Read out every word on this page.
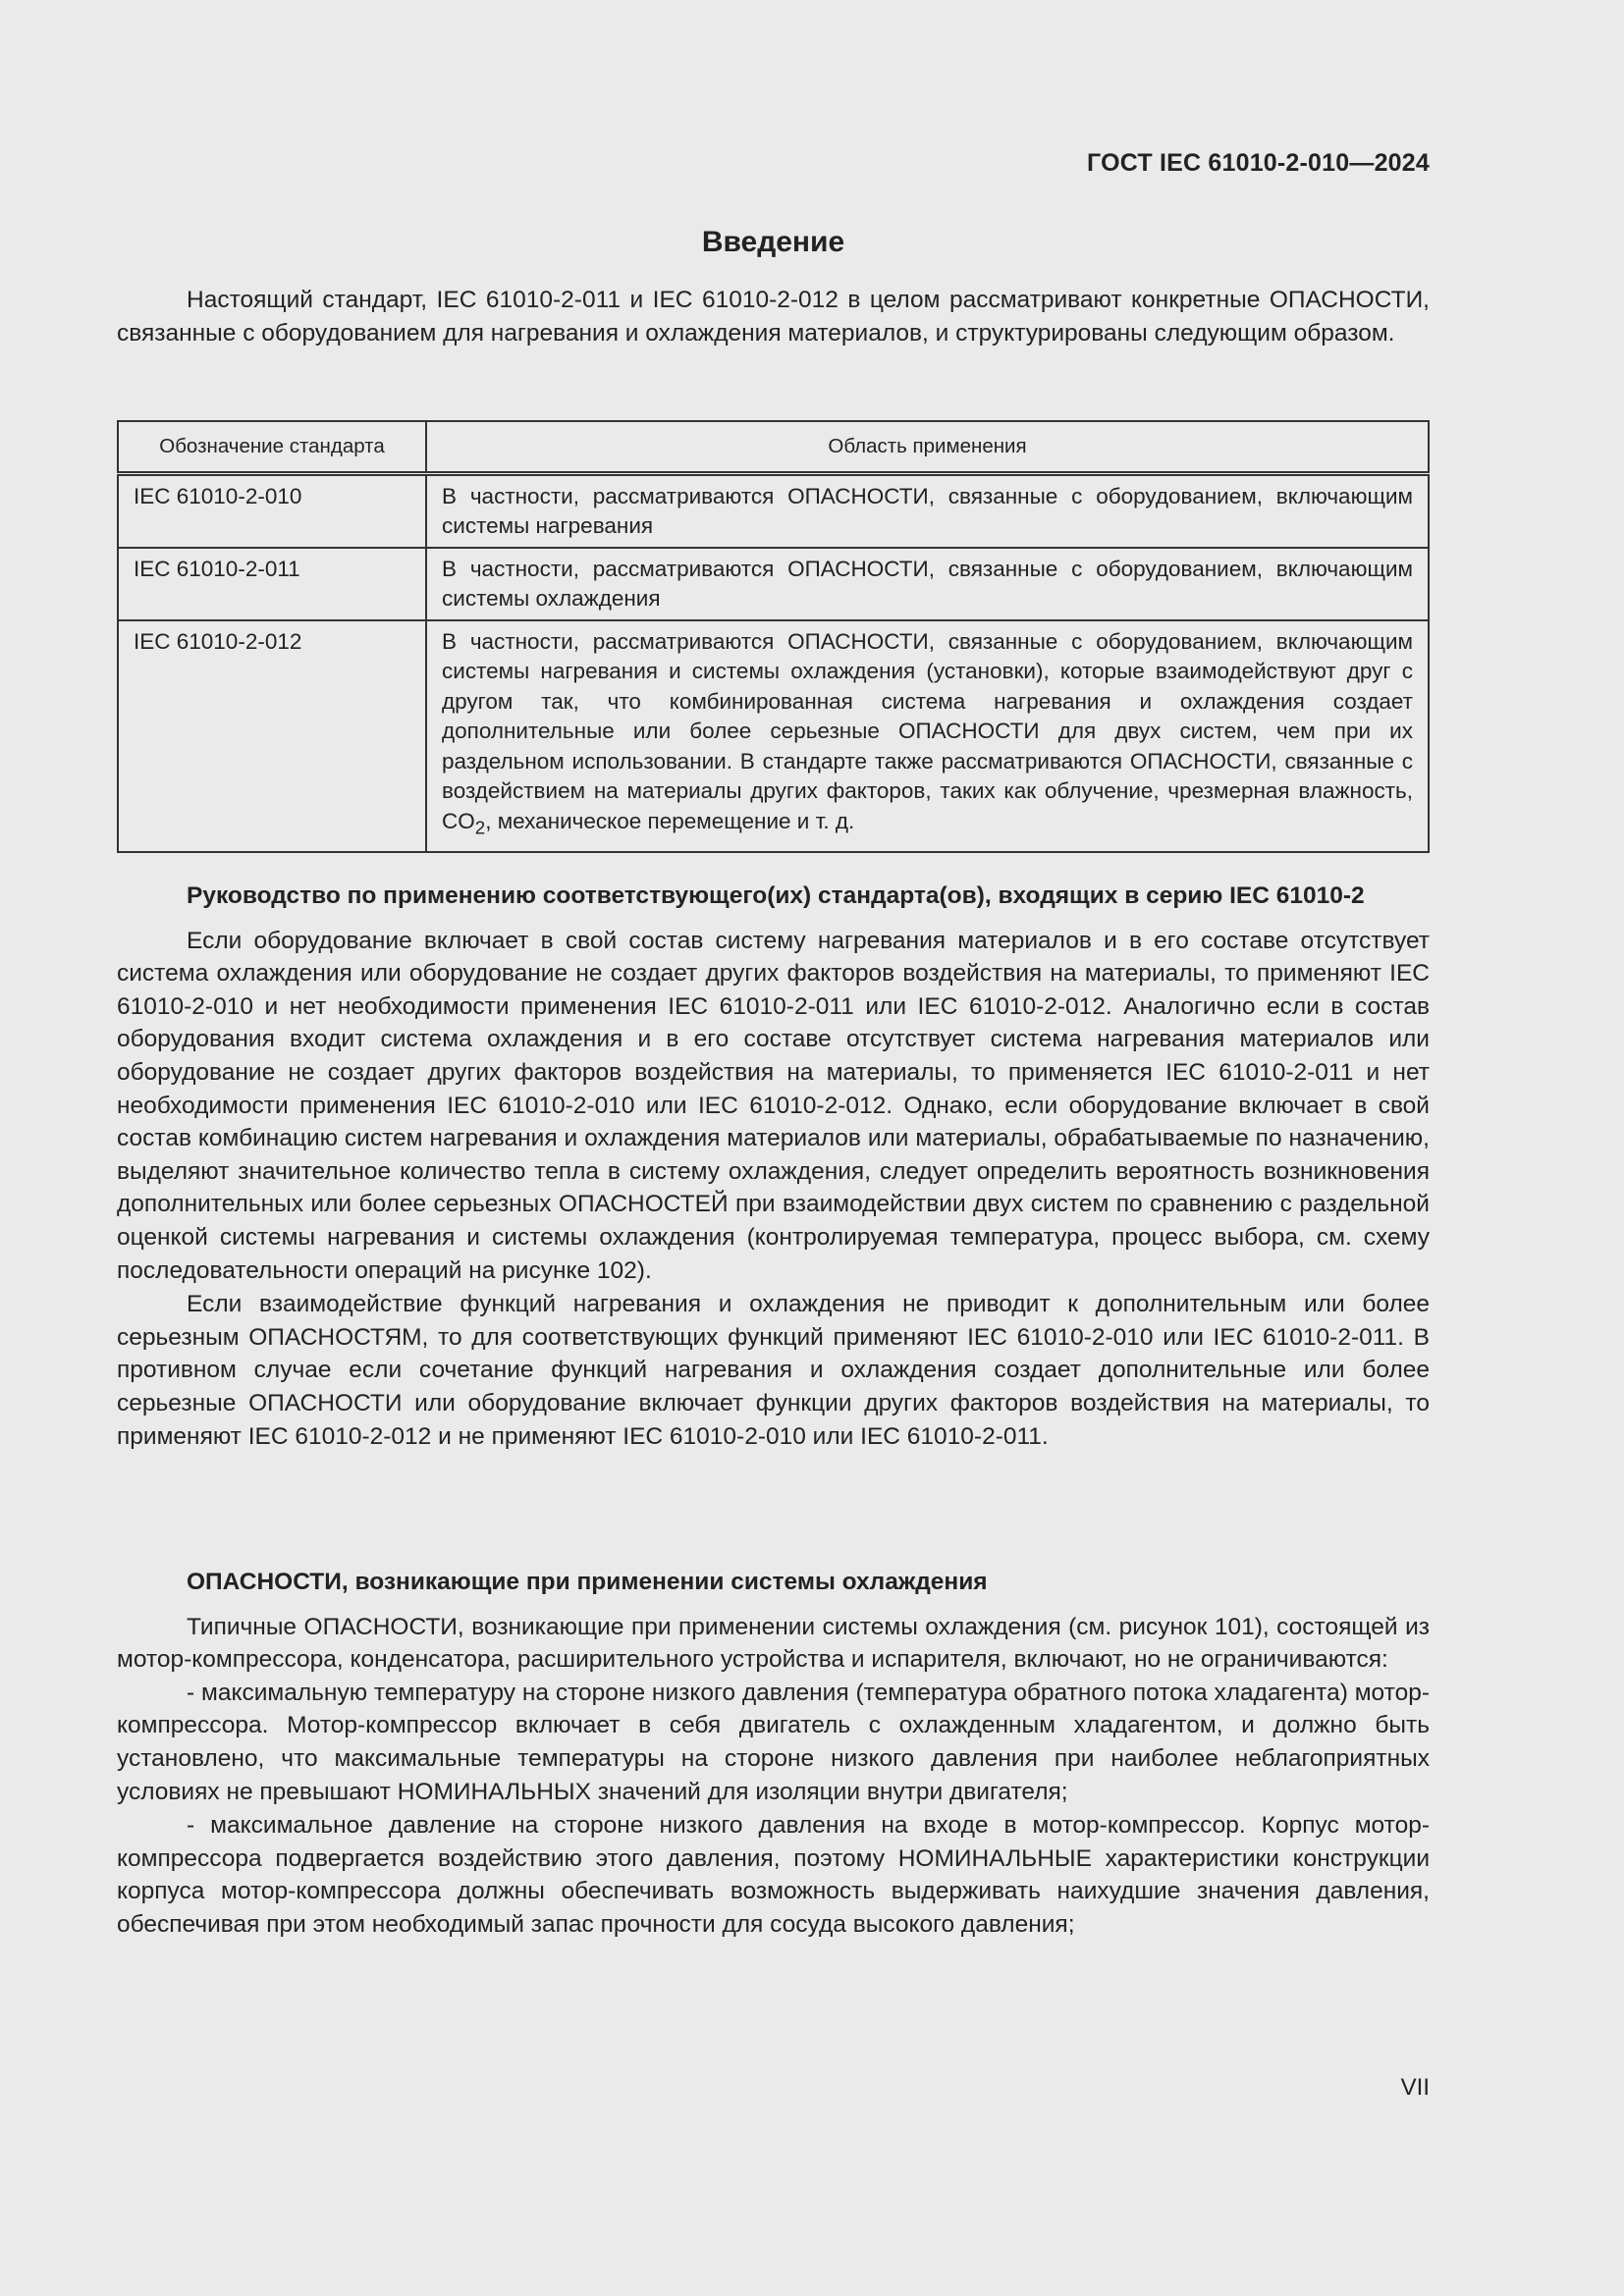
ГОСТ IEC 61010-2-010—2024
Введение

Настоящий стандарт, IEC 61010-2-011 и IEC 61010-2-012 в целом рассматривают конкретные ОПАСНОСТИ, связанные с оборудованием для нагревания и охлаждения материалов, и структурированы следующим образом.

Обозначение стандарта	Область применения
IEC 61010-2-010	В частности, рассматриваются ОПАСНОСТИ, связанные с оборудованием, включающим системы нагревания
IEC 61010-2-011	В частности, рассматриваются ОПАСНОСТИ, связанные с оборудованием, включающим системы охлаждения
IEC 61010-2-012	В частности, рассматриваются ОПАСНОСТИ, связанные с оборудованием, включающим системы нагревания и системы охлаждения (установки), которые взаимодействуют друг с другом так, что комбинированная система нагревания и охлаждения создает дополнительные или более серьезные ОПАСНОСТИ для двух систем, чем при их раздельном использовании. В стандарте также рассматриваются ОПАСНОСТИ, связанные с воздействием на материалы других факторов, таких как облучение, чрезмерная влажность, $CO_2$, механическое перемещение и т. д.

Руководство по применению соответствующего(их) стандарта(ов), входящих в серию IEC 61010-2

Если оборудование включает в свой состав систему нагревания материалов и в его составе отсутствует система охлаждения или оборудование не создает других факторов воздействия на материалы, то применяют IEC 61010-2-010 и нет необходимости применения IEC 61010-2-011 или IEC 61010-2-012. Аналогично если в состав оборудования входит система охлаждения и в его составе отсутствует система нагревания материалов или оборудование не создает других факторов воздействия на материалы, то применяется IEC 61010-2-011 и нет необходимости применения IEC 61010-2-010 или IEC 61010-2-012. Однако, если оборудование включает в свой состав комбинацию систем нагревания и охлаждения материалов или материалы, обрабатываемые по назначению, выделяют значительное количество тепла в систему охлаждения, следует определить вероятность возникновения дополнительных или более серьезных ОПАСНОСТЕЙ при взаимодействии двух систем по сравнению с раздельной оценкой системы нагревания и системы охлаждения (контролируемая температура, процесс выбора, см. схему последовательности операций на рисунке 102).

Если взаимодействие функций нагревания и охлаждения не приводит к дополнительным или более серьезным ОПАСНОСТЯМ, то для соответствующих функций применяют IEC 61010-2-010 или IEC 61010-2-011. В противном случае если сочетание функций нагревания и охлаждения создает дополнительные или более серьезные ОПАСНОСТИ или оборудование включает функции других факторов воздействия на материалы, то применяют IEC 61010-2-012 и не применяют IEC 61010-2-010 или IEC 61010-2-011.

ОПАСНОСТИ, возникающие при применении системы охлаждения

Типичные ОПАСНОСТИ, возникающие при применении системы охлаждения (см. рисунок 101), состоящей из мотор-компрессора, конденсатора, расширительного устройства и испарителя, включают, но не ограничиваются:

- максимальную температуру на стороне низкого давления (температура обратного потока хладагента) мотор-компрессора. Мотор-компрессор включает в себя двигатель с охлажденным хладагентом, и должно быть установлено, что максимальные температуры на стороне низкого давления при наиболее неблагоприятных условиях не превышают НОМИНАЛЬНЫХ значений для изоляции внутри двигателя;

- максимальное давление на стороне низкого давления на входе в мотор-компрессор. Корпус мотор-компрессора подвергается воздействию этого давления, поэтому НОМИНАЛЬНЫЕ характеристики конструкции корпуса мотор-компрессора должны обеспечивать возможность выдерживать наихудшие значения давления, обеспечивая при этом необходимый запас прочности для сосуда высокого давления;

VII
